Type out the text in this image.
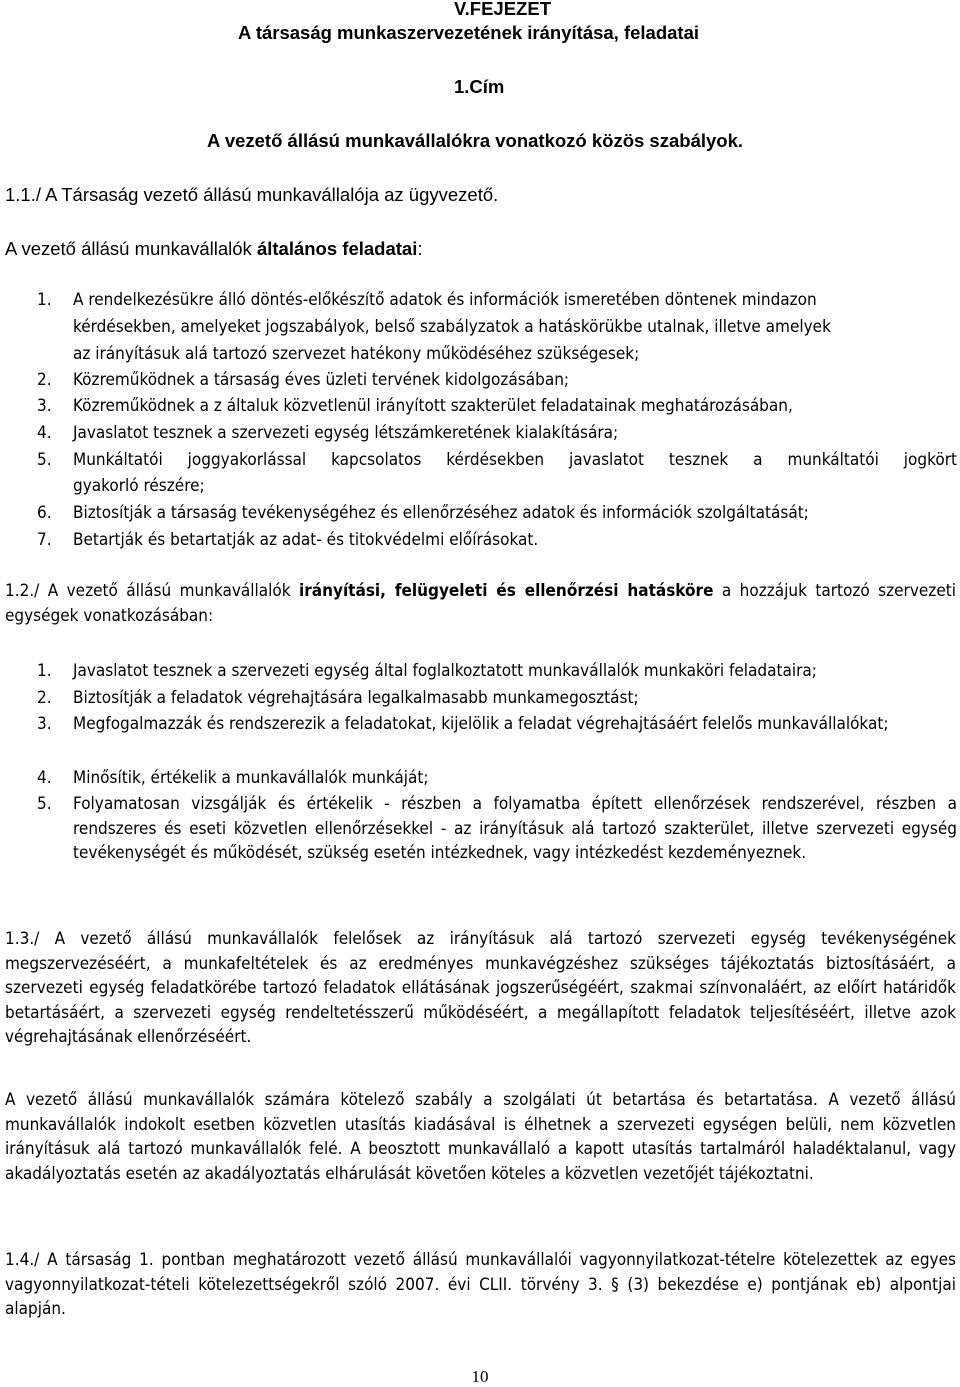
V.FEJEZET
A társaság munkaszervezetének irányítása, feladatai
1.Cím
A vezető állású munkavállalókra vonatkozó közös szabályok.
1.1./ A Társaság vezető állású munkavállalója az ügyvezető.
A vezető állású munkavállalók általános feladatai:
1. A rendelkezésükre álló döntés-előkészítő adatok és információk ismeretében döntenek mindazon
kérdésekben, amelyeket jogszabályok, belső szabályzatok a hatáskörükbe utalnak, illetve amelyek
az irányításuk alá tartozó szervezet hatékony működéséhez szükségesek;
2. Közreműködnek a társaság éves üzleti tervének kidolgozásában;
3. Közreműködnek a z általuk közvetlenül irányított szakterület feladatainak meghatározásában,
4. Javaslatot tesznek a szervezeti egység létszámkeretének kialakítására;
5. Munkáltatói joggyakorlással kapcsolatos kérdésekben javaslatot tesznek a munkáltatói jogkört
gyakorló részére;
6. Biztosítják a társaság tevékenységéhez és ellenőrzéséhez adatok és információk szolgáltatását;
7. Betartják és betartatják az adat- és titokvédelmi előírásokat.
1.2./ A vezető állású munkavállalók irányítási, felügyeleti és ellenőrzési hatásköre a hozzájuk tartozó szervezeti egységek vonatkozásában:
1. Javaslatot tesznek a szervezeti egység által foglalkoztatott munkavállalók munkaköri feladataira;
2. Biztosítják a feladatok végrehajtására legalkalmasabb munkamegosztást;
3. Megfogalmazzák és rendszerezik a feladatokat, kijelölik a feladat végrehajtásáért felelős munkavállalókat;
4. Minősítik, értékelik a munkavállalók munkáját;
5. Folyamatosan vizsgálják és értékelik - részben a folyamatba épített ellenőrzések rendszerével, részben a rendszeres és eseti közvetlen ellenőrzésekkel - az irányításuk alá tartozó szakterület, illetve szervezeti egység tevékenységét és működését, szükség esetén intézkednek, vagy intézkedést kezdeményeznek.
1.3./ A vezető állású munkavállalók felelősek az irányításuk alá tartozó szervezeti egység tevékenységének megszervezéséért, a munkafeltételek és az eredményes munkavégzéshez szükséges tájékoztatás biztosításáért, a szervezeti egység feladatkörébe tartozó feladatok ellátásának jogszerűségéért, szakmai színvonaláért, az előírt határidők betartásáért, a szervezeti egység rendeltetésszerű működéséért, a megállapított feladatok teljesítéséért, illetve azok végrehajtásának ellenőrzéséért.
A vezető állású munkavállalók számára kötelező szabály a szolgálati út betartása és betartatása. A vezető állású munkavállalók indokolt esetben közvetlen utasítás kiadásával is élhetnek a szervezeti egységen belüli, nem közvetlen irányításuk alá tartozó munkavállalók felé. A beosztott munkavállaló a kapott utasítás tartalmáról haladéktalanul, vagy akadályoztatás esetén az akadályoztatás elhárulását követően köteles a közvetlen vezetőjét tájékoztatni.
1.4./ A társaság 1. pontban meghatározott vezető állású munkavállalói vagyonnyilatkozat-tételre kötelezettek az egyes vagyonnyilatkozat-tételi kötelezettségekről szóló 2007. évi CLII. törvény 3. § (3) bekezdése e) pontjának eb) alpontjai alapján.
10
